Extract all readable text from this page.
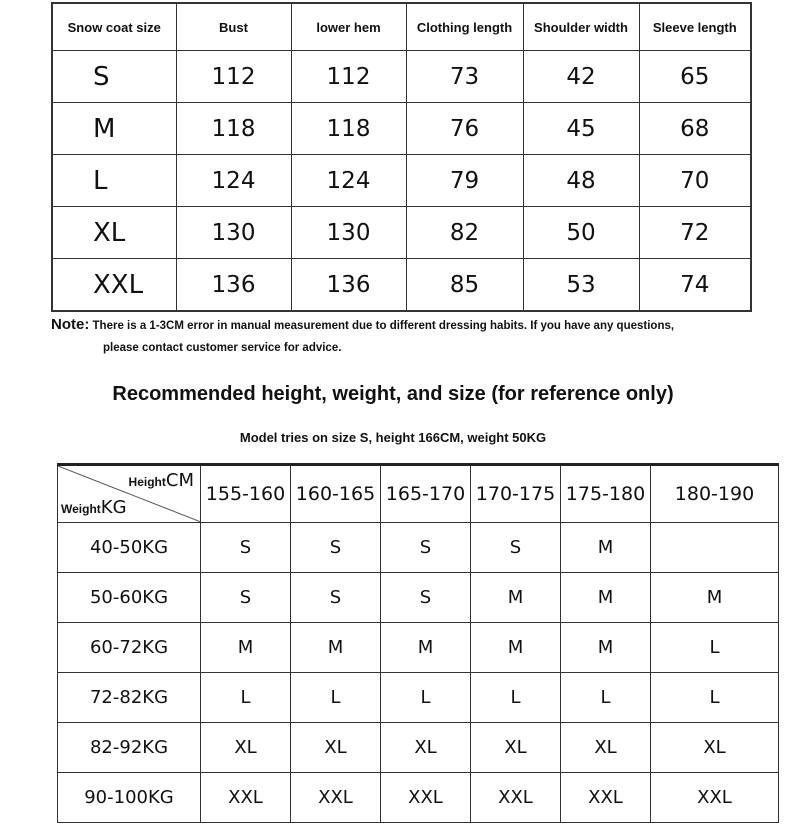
Snow coat size	Bust	lower hem	Clothing length	Shoulder width	Sleeve length
S	112	112	73	42	65
M	118	118	76	45	68
L	124	124	79	48	70
XL	130	130	82	50	72
XXL	136	136	85	53	74
Note: There is a 1-3CM error in manual measurement due to different dressing habits. If you have any questions,
please contact customer service for advice.
Recommended height, weight, and size (for reference only)
Model tries on size S, height 166CM, weight 50KG
HeightCM
WeightKG	155-160	160-165	165-170	170-175	175-180	180-190
40-50KG	S	S	S	S	M	
50-60KG	S	S	S	M	M	M
60-72KG	M	M	M	M	M	L
72-82KG	L	L	L	L	L	L
82-92KG	XL	XL	XL	XL	XL	XL
90-100KG	XXL	XXL	XXL	XXL	XXL	XXL
